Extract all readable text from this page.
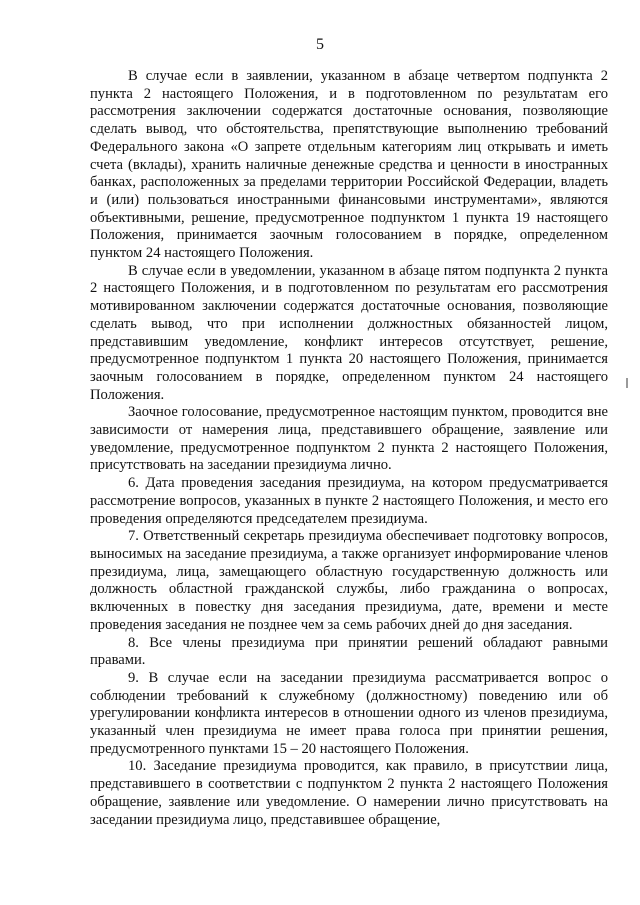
5

В случае если в заявлении, указанном в абзаце четвертом подпункта 2 пункта 2 настоящего Положения, и в подготовленном по результатам его рассмотрения заключении содержатся достаточные основания, позволяющие сделать вывод, что обстоятельства, препятствующие выполнению требований Федерального закона «О запрете отдельным категориям лиц открывать и иметь счета (вклады), хранить наличные денежные средства и ценности в иностранных банках, расположенных за пределами территории Российской Федерации, владеть и (или) пользоваться иностранными финансовыми инструментами», являются объективными, решение, предусмотренное подпунктом 1 пункта 19 настоящего Положения, принимается заочным голосованием в порядке, определенном пунктом 24 настоящего Положения.

В случае если в уведомлении, указанном в абзаце пятом подпункта 2 пункта 2 настоящего Положения, и в подготовленном по результатам его рассмотрения мотивированном заключении содержатся достаточные основания, позволяющие сделать вывод, что при исполнении должностных обязанностей лицом, представившим уведомление, конфликт интересов отсутствует, решение, предусмотренное подпунктом 1 пункта 20 настоящего Положения, принимается заочным голосованием в порядке, определенном пунктом 24 настоящего Положения.

Заочное голосование, предусмотренное настоящим пунктом, проводится вне зависимости от намерения лица, представившего обращение, заявление или уведомление, предусмотренное подпунктом 2 пункта 2 настоящего Положения, присутствовать на заседании президиума лично.

6. Дата проведения заседания президиума, на котором предусматривается рассмотрение вопросов, указанных в пункте 2 настоящего Положения, и место его проведения определяются председателем президиума.

7. Ответственный секретарь президиума обеспечивает подготовку вопросов, выносимых на заседание президиума, а также организует информирование членов президиума, лица, замещающего областную государственную должность или должность областной гражданской службы, либо гражданина о вопросах, включенных в повестку дня заседания президиума, дате, времени и месте проведения заседания не позднее чем за семь рабочих дней до дня заседания.

8. Все члены президиума при принятии решений обладают равными правами.

9. В случае если на заседании президиума рассматривается вопрос о соблюдении требований к служебному (должностному) поведению или об урегулировании конфликта интересов в отношении одного из членов президиума, указанный член президиума не имеет права голоса при принятии решения, предусмотренного пунктами 15 – 20 настоящего Положения.

10. Заседание президиума проводится, как правило, в присутствии лица, представившего в соответствии с подпунктом 2 пункта 2 настоящего Положения обращение, заявление или уведомление. О намерении лично присутствовать на заседании президиума лицо, представившее обращение,
